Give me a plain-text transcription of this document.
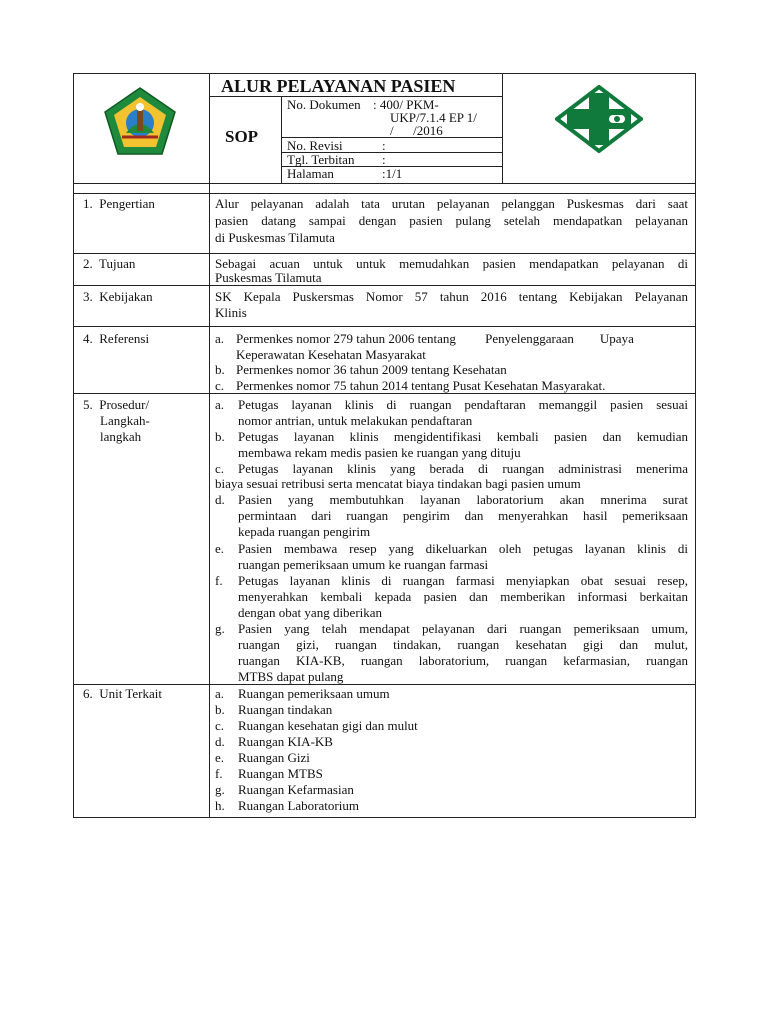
ALUR PELAYANAN PASIEN
SOP
No. Dokumen : 400/ PKM-
UKP/7.1.4 EP 1/
/      /2016
No. Revisi	:
Tgl. Terbitan :
Halaman	:1/1
1.  Pengertian	Alur pelayanan adalah tata urutan pelayanan pelanggan Puskesmas dari saat
pasien datang sampai dengan pasien pulang setelah mendapatkan pelayanan
di Puskesmas Tilamuta
2.  Tujuan	Sebagai acuan untuk untuk memudahkan pasien mendapatkan pelayanan di
Puskesmas Tilamuta
3.  Kebijakan	SK Kepala Puskersmas Nomor 57 tahun 2016 tentang Kebijakan Pelayanan
Klinis
4.  Referensi	a. Permenkes nomor 279 tahun 2006 tentang         Penyelenggaraan        Upaya
Keperawatan Kesehatan Masyarakat
b. Permenkes nomor 36 tahun 2009 tentang Kesehatan
c. Permenkes nomor 75 tahun 2014 tentang Pusat Kesehatan Masyarakat.
5.  Prosedur/
Langkah-
langkah
a. Petugas layanan klinis di ruangan pendaftaran memanggil pasien sesuai
nomor antrian, untuk melakukan pendaftaran
b. Petugas layanan klinis mengidentifikasi kembali pasien dan kemudian
membawa rekam medis pasien ke ruangan yang dituju
c. Petugas layanan klinis yang berada di ruangan administrasi menerima
biaya sesuai retribusi serta mencatat biaya tindakan bagi pasien umum
d. Pasien yang membutuhkan layanan laboratorium akan mnerima surat
permintaan dari ruangan pengirim dan menyerahkan hasil pemeriksaan
kepada ruangan pengirim
e. Pasien membawa resep yang dikeluarkan oleh petugas layanan klinis di
ruangan pemeriksaan umum ke ruangan farmasi
f. Petugas layanan klinis di ruangan farmasi menyiapkan obat sesuai resep,
menyerahkan kembali kepada pasien dan memberikan informasi berkaitan
dengan obat yang diberikan
g. Pasien yang telah mendapat pelayanan dari ruangan pemeriksaan umum,
ruangan gizi, ruangan tindakan, ruangan kesehatan gigi dan mulut,
ruangan KIA-KB, ruangan laboratorium, ruangan kefarmasian, ruangan
MTBS dapat pulang
6.  Unit Terkait	a. Ruangan pemeriksaan umum
b. Ruangan tindakan
c. Ruangan kesehatan gigi dan mulut
d. Ruangan KIA-KB
e. Ruangan Gizi
f. Ruangan MTBS
g. Ruangan Kefarmasian
h. Ruangan Laboratorium
